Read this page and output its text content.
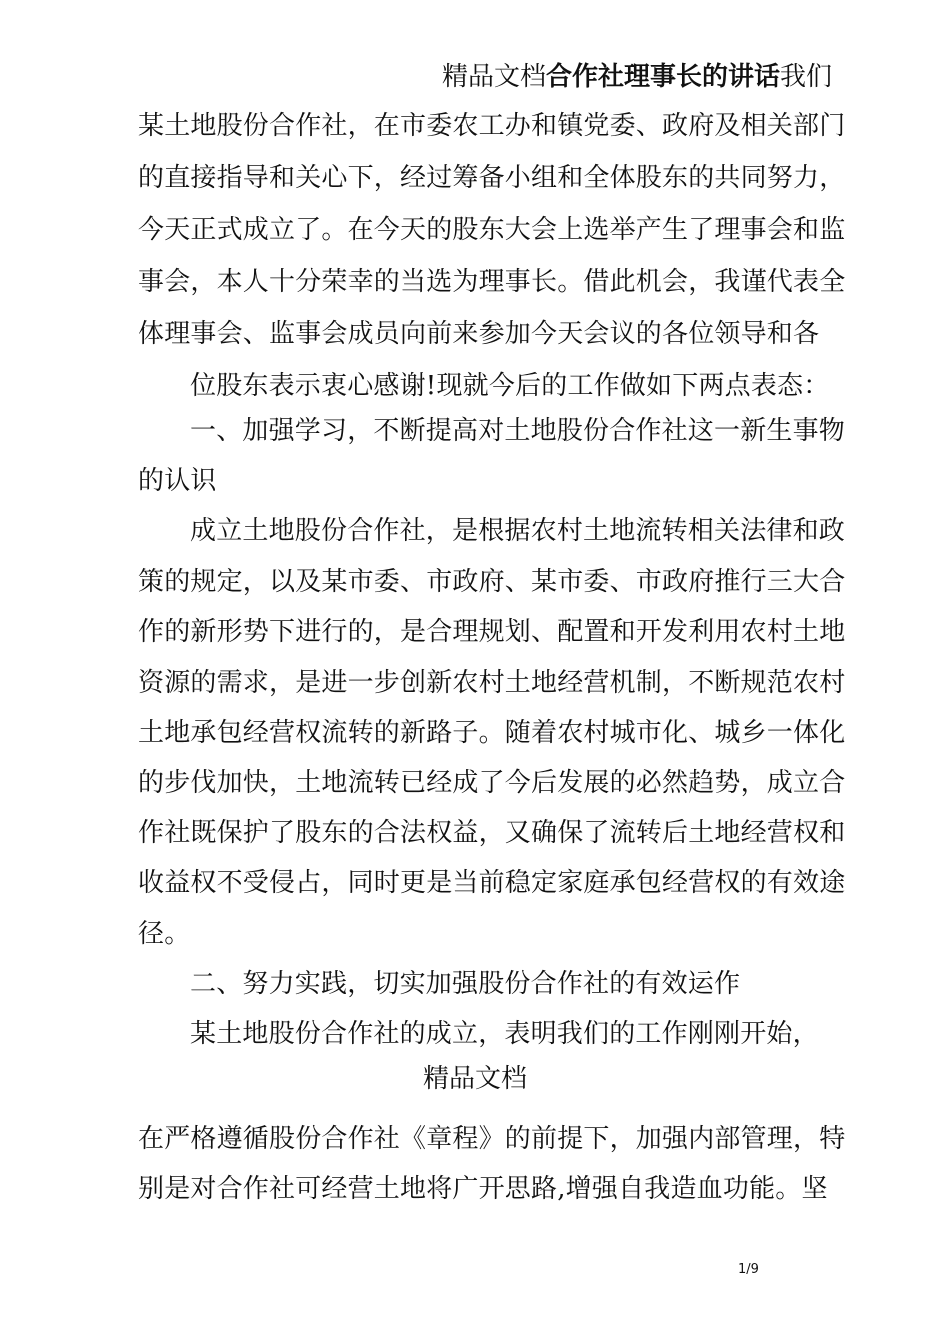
精品文档合作社理事长的讲话我们
某土地股份合作社，在市委农工办和镇党委、政府及相关部门
的直接指导和关心下，经过筹备小组和全体股东的共同努力，
今天正式成立了。在今天的股东大会上选举产生了理事会和监
事会，本人十分荣幸的当选为理事长。借此机会，我谨代表全
体理事会、监事会成员向前来参加今天会议的各位领导和各
位股东表示衷心感谢!现就今后的工作做如下两点表态：
一、加强学习，不断提高对土地股份合作社这一新生事物
的认识
成立土地股份合作社，是根据农村土地流转相关法律和政
策的规定，以及某市委、市政府、某市委、市政府推行三大合
作的新形势下进行的，是合理规划、配置和开发利用农村土地
资源的需求，是进一步创新农村土地经营机制，不断规范农村
土地承包经营权流转的新路子。随着农村城市化、城乡一体化
的步伐加快，土地流转已经成了今后发展的必然趋势，成立合
作社既保护了股东的合法权益，又确保了流转后土地经营权和
收益权不受侵占，同时更是当前稳定家庭承包经营权的有效途
径。
二、努力实践，切实加强股份合作社的有效运作
某土地股份合作社的成立，表明我们的工作刚刚开始，
精品文档
在严格遵循股份合作社《章程》的前提下，加强内部管理，特
别是对合作社可经营土地将广开思路,增强自我造血功能。坚
1/9
